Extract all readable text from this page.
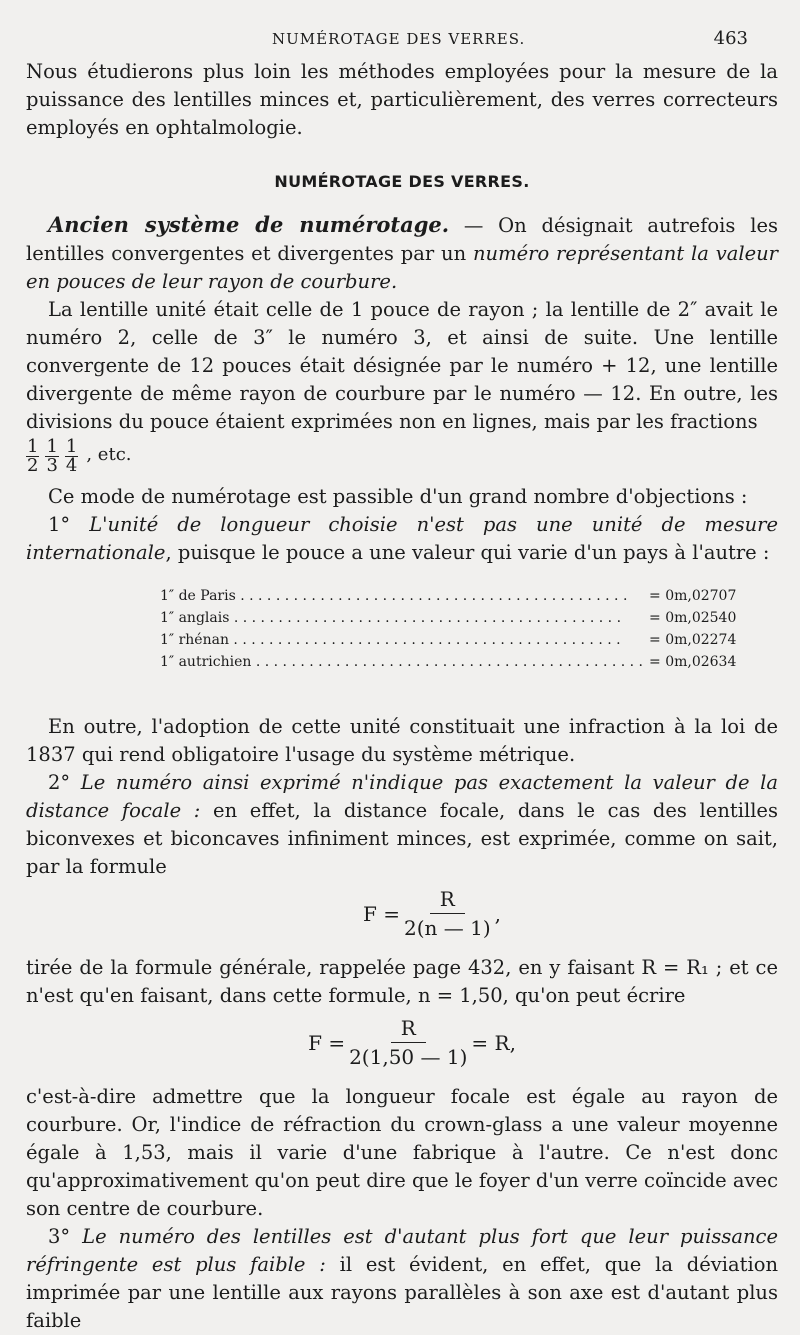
NUMÉROTAGE DES VERRES.	463

Nous étudierons plus loin les méthodes employées pour la mesure de la puissance des lentilles minces et, particulièrement, des verres correcteurs employés en ophtalmologie.

NUMÉROTAGE DES VERRES.

Ancien système de numérotage. — On désignait autrefois les lentilles convergentes et divergentes par un numéro représentant la valeur en pouces de leur rayon de courbure.

La lentille unité était celle de 1 pouce de rayon ; la lentille de 2″ avait le numéro 2, celle de 3″ le numéro 3, et ainsi de suite. Une lentille convergente de 12 pouces était désignée par le numéro + 12, une lentille divergente de même rayon de courbure par le numéro — 12. En outre, les divisions du pouce étaient exprimées non en lignes, mais par les fractions

$\frac{1}{2} \frac{1}{3} \frac{1}{4}$ , etc.

Ce mode de numérotage est passible d'un grand nombre d'objections :

1° L'unité de longueur choisie n'est pas une unité de mesure internationale, puisque le pouce a une valeur qui varie d'un pays à l'autre :

1″ de Paris . . . . . . . . . . . . . . . . . . . . . . . . . . . . . . . . . . . . . . . . . . . .	= 0m,02707
1″ anglais . . . . . . . . . . . . . . . . . . . . . . . . . . . . . . . . . . . . . . . . . . . .	= 0m,02540
1″ rhénan . . . . . . . . . . . . . . . . . . . . . . . . . . . . . . . . . . . . . . . . . . . .	= 0m,02274
1″ autrichien . . . . . . . . . . . . . . . . . . . . . . . . . . . . . . . . . . . . . . . . . . . .	= 0m,02634

En outre, l'adoption de cette unité constituait une infraction à la loi de 1837 qui rend obligatoire l'usage du système métrique.

2° Le numéro ainsi exprimé n'indique pas exactement la valeur de la distance focale : en effet, la distance focale, dans le cas des lentilles biconvexes et biconcaves infiniment minces, est exprimée, comme on sait, par la formule

$F = \frac{R}{2(n — 1)}$ ,

tirée de la formule générale, rappelée page 432, en y faisant R = R₁ ; et ce n'est qu'en faisant, dans cette formule, n = 1,50, qu'on peut écrire

$F = \frac{R}{2(1,50 — 1)} = R$,

c'est-à-dire admettre que la longueur focale est égale au rayon de courbure. Or, l'indice de réfraction du crown-glass a une valeur moyenne égale à 1,53, mais il varie d'une fabrique à l'autre. Ce n'est donc qu'approximativement qu'on peut dire que le foyer d'un verre coïncide avec son centre de courbure.

3° Le numéro des lentilles est d'autant plus fort que leur puissance réfringente est plus faible : il est évident, en effet, que la déviation imprimée par une lentille aux rayons parallèles à son axe est d'autant plus faible
